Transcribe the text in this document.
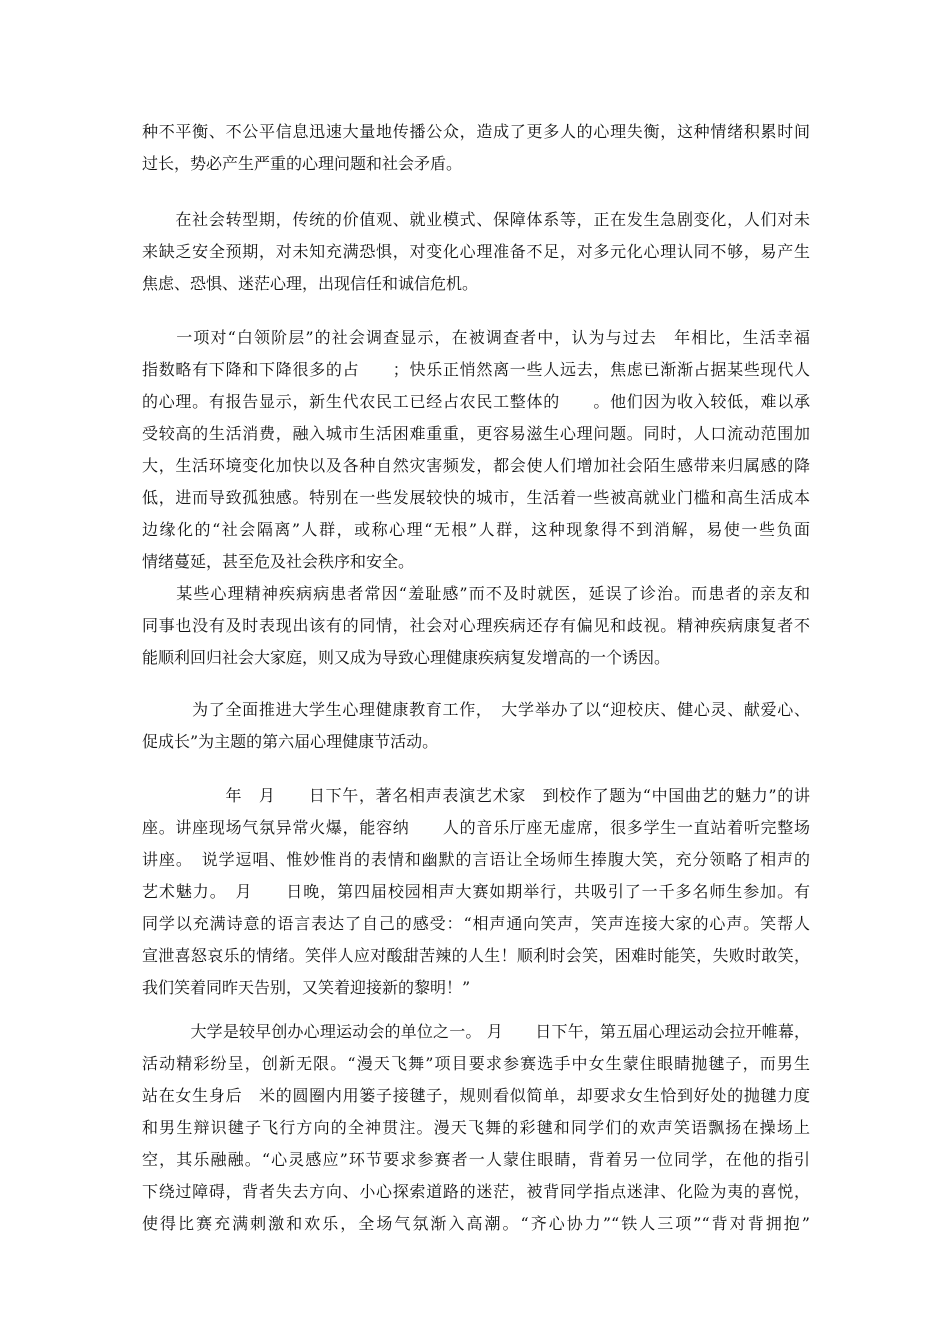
种不平衡、不公平信息迅速大量地传播公众，造成了更多人的心理失衡，这种情绪积累时间
过长，势必产生严重的心理问题和社会矛盾。
　　在社会转型期，传统的价值观、就业模式、保障体系等，正在发生急剧变化，人们对未
来缺乏安全预期，对未知充满恐惧，对变化心理准备不足，对多元化心理认同不够，易产生
焦虑、恐惧、迷茫心理，出现信任和诚信危机。
　　一项对“白领阶层”的社会调查显示，在被调查者中，认为与过去　年相比，生活幸福
指数略有下降和下降很多的占　　；快乐正悄然离一些人远去，焦虑已渐渐占据某些现代人
的心理。有报告显示，新生代农民工已经占农民工整体的　　。他们因为收入较低，难以承
受较高的生活消费，融入城市生活困难重重，更容易滋生心理问题。同时，人口流动范围加
大，生活环境变化加快以及各种自然灾害频发，都会使人们增加社会陌生感带来归属感的降
低，进而导致孤独感。特别在一些发展较快的城市，生活着一些被高就业门槛和高生活成本
边缘化的“社会隔离”人群，或称心理“无根”人群，这种现象得不到消解，易使一些负面
情绪蔓延，甚至危及社会秩序和安全。
　　某些心理精神疾病病患者常因“羞耻感”而不及时就医，延误了诊治。而患者的亲友和
同事也没有及时表现出该有的同情，社会对心理疾病还存有偏见和歧视。精神疾病康复者不
能顺利回归社会大家庭，则又成为导致心理健康疾病复发增高的一个诱因。
　　　为了全面推进大学生心理健康教育工作，　大学举办了以“迎校庆、健心灵、献爱心、
促成长”为主题的第六届心理健康节活动。
　　　　　年　月　　日下午，著名相声表演艺术家　到校作了题为“中国曲艺的魅力”的讲
座。讲座现场气氛异常火爆，能容纳　　人的音乐厅座无虚席，很多学生一直站着听完整场
讲座。　说学逗唱、惟妙惟肖的表情和幽默的言语让全场师生捧腹大笑，充分领略了相声的
艺术魅力。　月　　日晚，第四届校园相声大赛如期举行，共吸引了一千多名师生参加。有
同学以充满诗意的语言表达了自己的感受：“相声通向笑声，笑声连接大家的心声。笑帮人
宣泄喜怒哀乐的情绪。笑伴人应对酸甜苦辣的人生！顺利时会笑，困难时能笑，失败时敢笑，
我们笑着同昨天告别，又笑着迎接新的黎明！”
　　　大学是较早创办心理运动会的单位之一。 月　　日下午，第五届心理运动会拉开帷幕，
活动精彩纷呈，创新无限。“漫天飞舞”项目要求参赛选手中女生蒙住眼睛抛毽子，而男生
站在女生身后　米的圆圈内用篓子接毽子，规则看似简单，却要求女生恰到好处的抛毽力度
和男生辩识毽子飞行方向的全神贯注。漫天飞舞的彩毽和同学们的欢声笑语飘扬在操场上
空，其乐融融。“心灵感应”环节要求参赛者一人蒙住眼睛，背着另一位同学，在他的指引
下绕过障碍，背者失去方向、小心探索道路的迷茫，被背同学指点迷津、化险为夷的喜悦，
使得比赛充满刺激和欢乐，全场气氛渐入高潮。“齐心协力”“铁人三项”“背对背拥抱”
